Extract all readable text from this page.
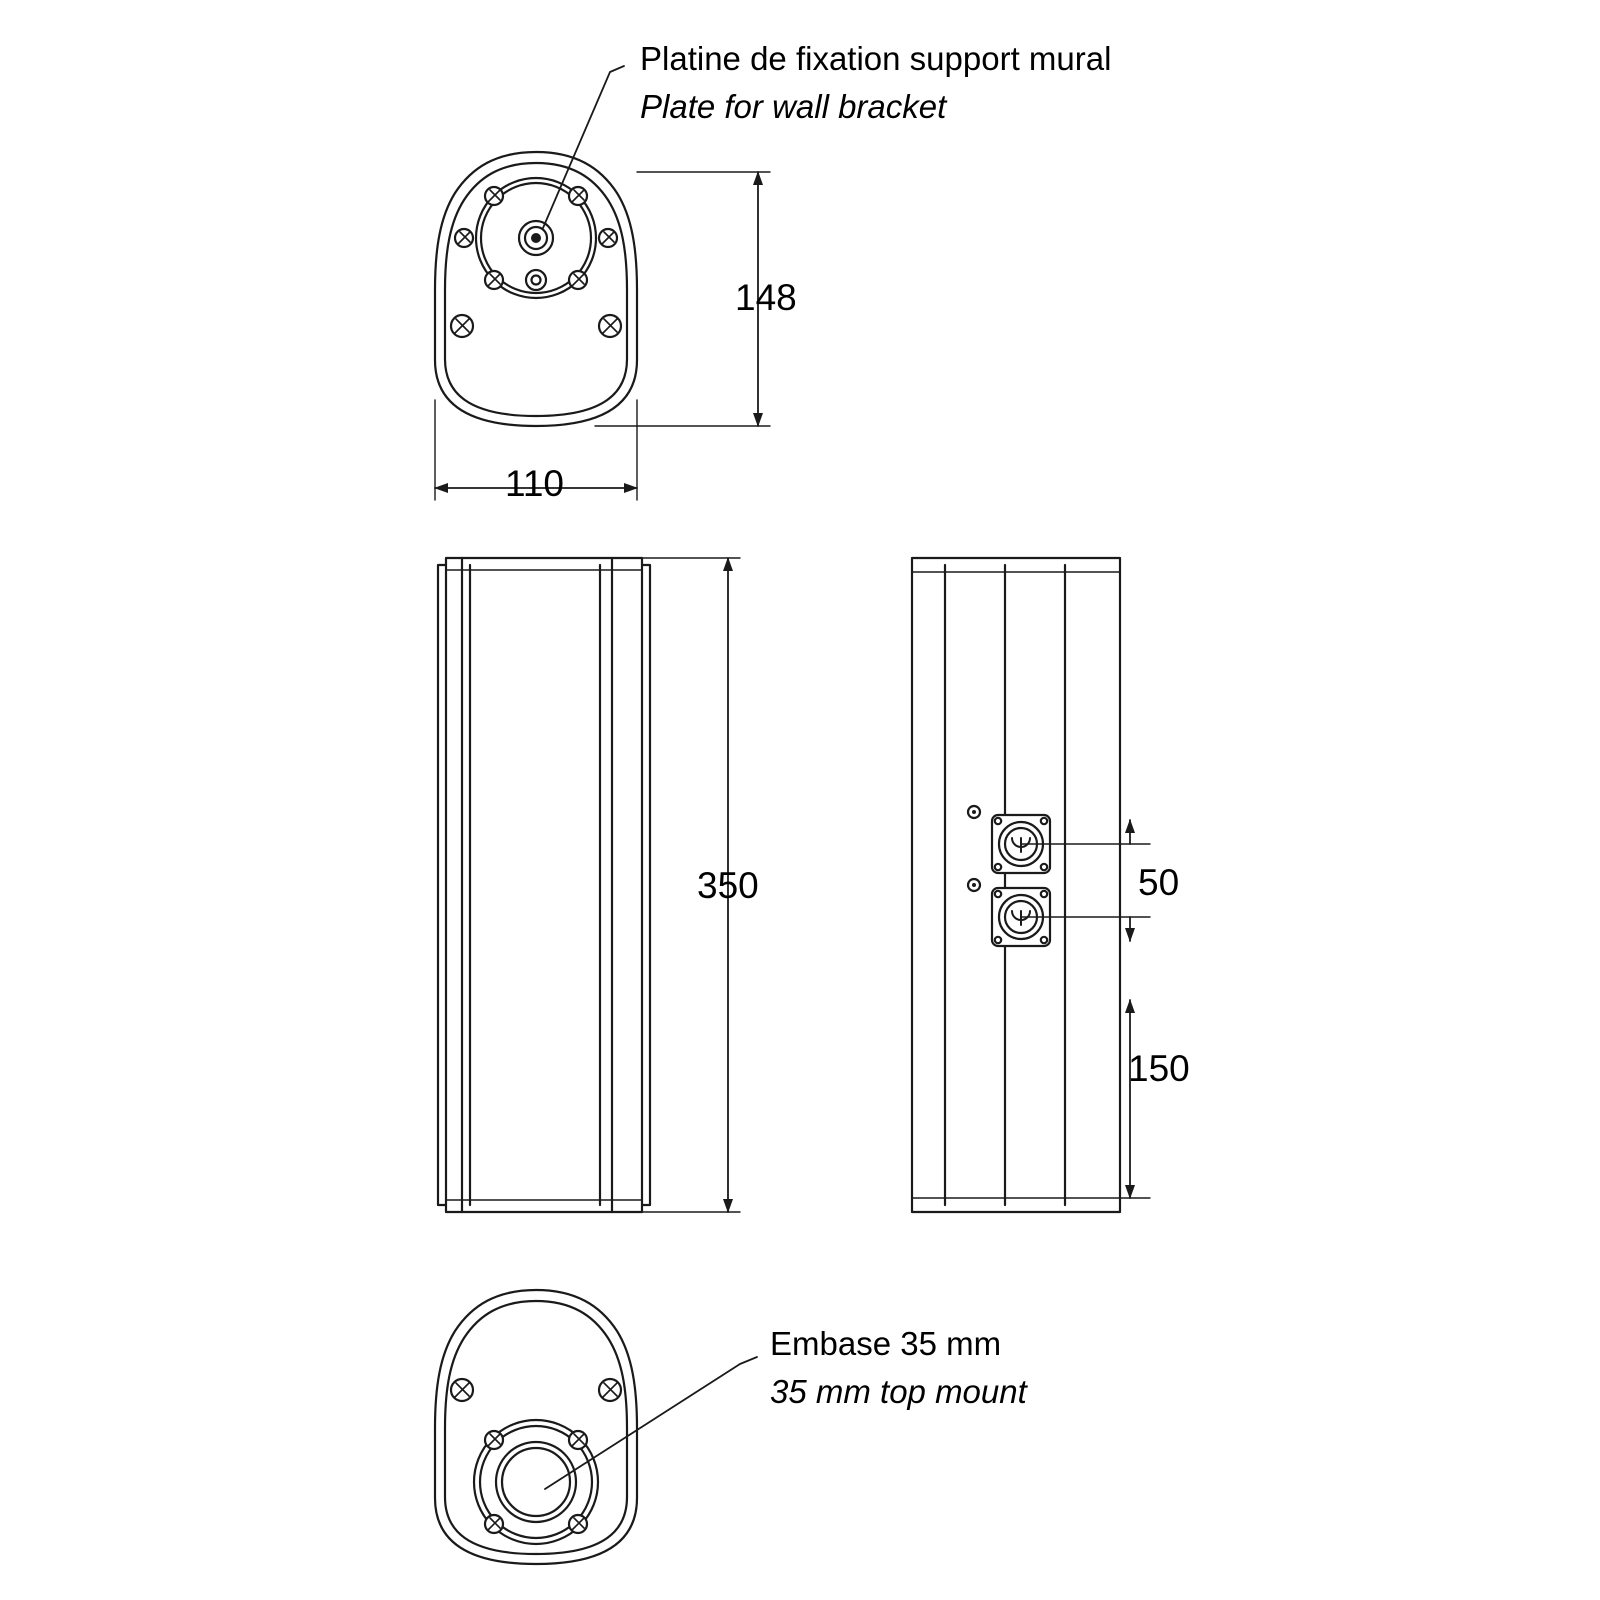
Platine de fixation support mural
Plate for wall bracket
Embase 35 mm
35 mm top mount
148
110
350	50
150
